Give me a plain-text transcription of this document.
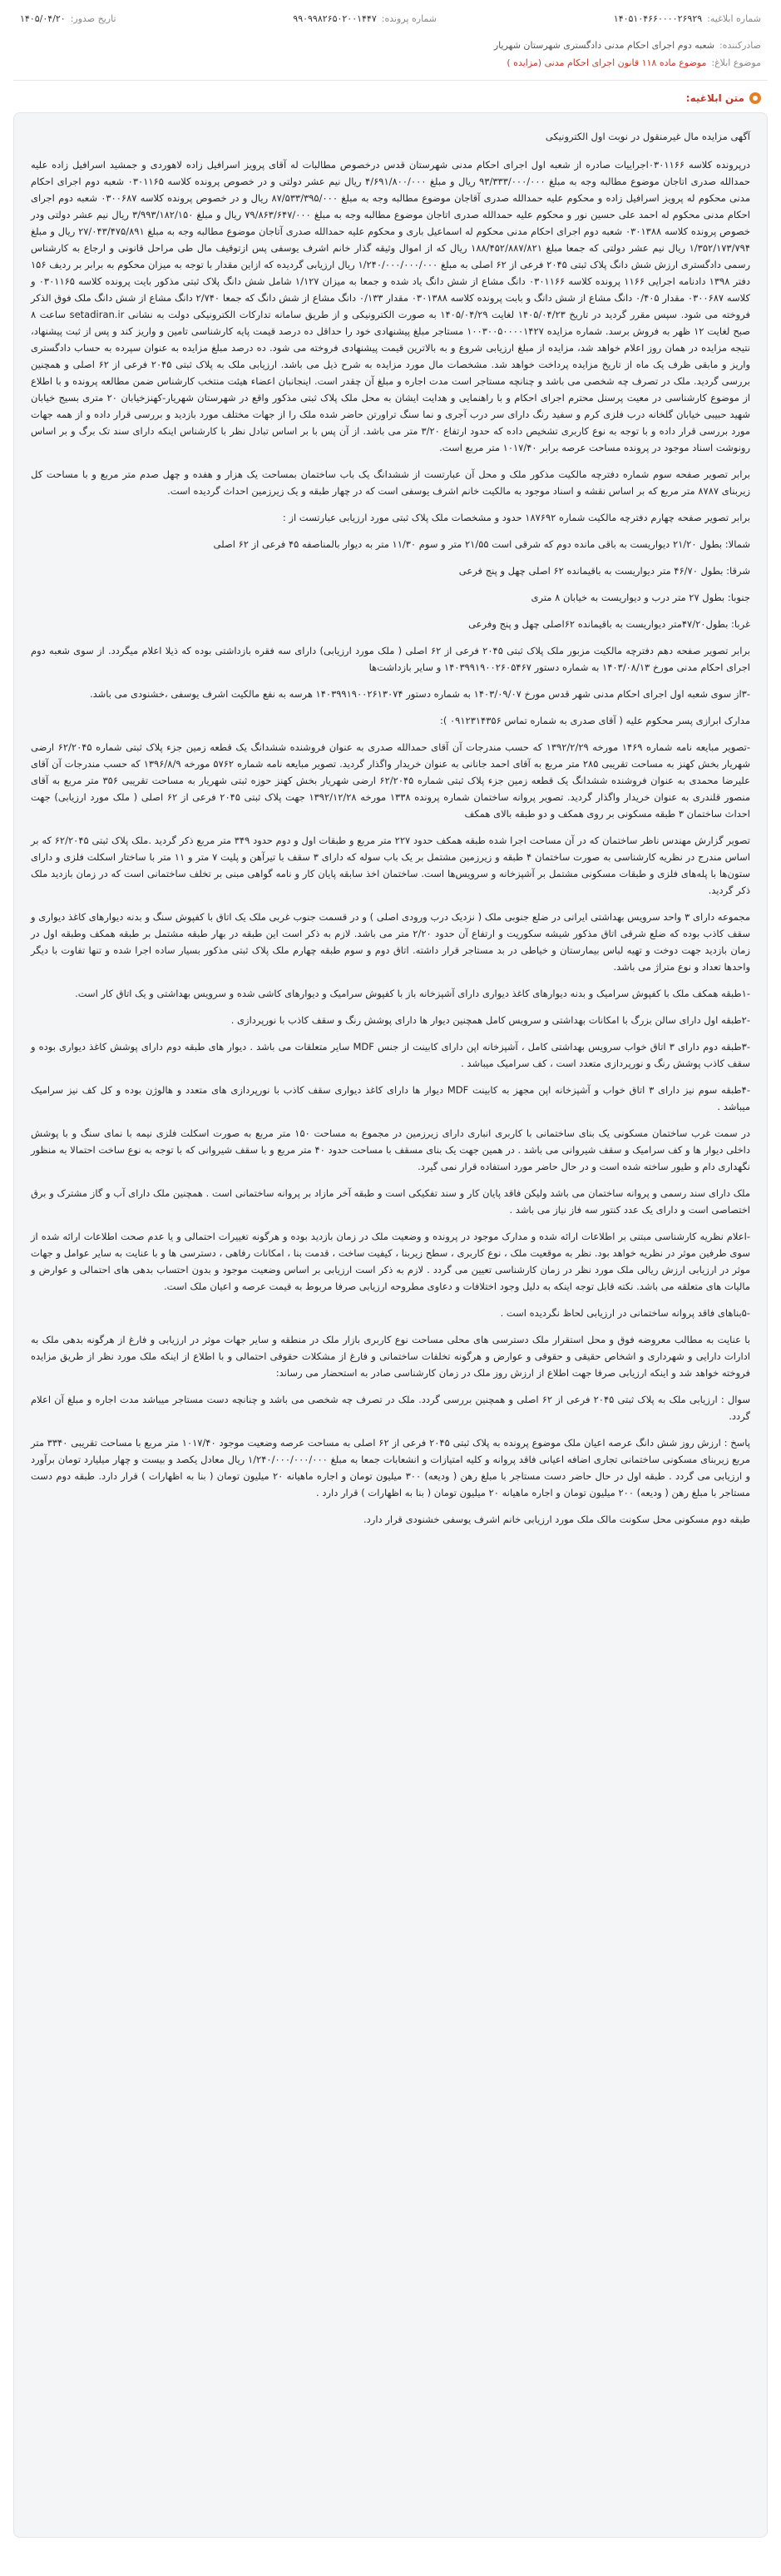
شماره ابلاغیه:
۱۴۰۵۱۰۴۶۶۰۰۰۰۲۶۹۲۹
شماره پرونده:
۹۹۰۹۹۸۲۶۵۰۲۰۰۱۴۴۷
تاریخ صدور:
۱۴۰۵/۰۴/۲۰
صادرکننده:
شعبه دوم اجرای احکام مدنی دادگستری شهرستان شهریار
موضوع ابلاغ:
موضوع ماده ۱۱۸ قانون اجرای احکام مدنی (مزایده )
متن ابلاغیه:

آگهی مزایده مال غیرمنقول در نوبت اول الکترونیکی

درپرونده کلاسه ۰۳۰۱۱۶۶اجراییات صادره از شعبه اول اجرای احکام مدنی شهرستان قدس درخصوص مطالبات له آقای پرویز اسرافیل زاده لاهوردی و جمشید اسرافیل زاده علیه حمدالله صدری اتاجان موضوع مطالبه وجه به مبلغ ۹۳/۳۳۳/۰۰۰/۰۰۰ ریال و مبلغ ۴/۶۹۱/۸۰۰/۰۰۰ ریال نیم عشر دولتی و در خصوص پرونده کلاسه ۰۳۰۱۱۶۵ شعبه دوم اجرای احکام مدنی محکوم له پرویز اسرافیل زاده و محکوم علیه حمدالله صدری آقاجان موضوع مطالبه وجه به مبلغ ۸۷/۵۳۳/۳۹۵/۰۰۰ ریال و در خصوص پرونده کلاسه ۰۳۰۰۶۸۷ شعبه دوم اجرای احکام مدنی محکوم له احمد علی حسین نور و محکوم علیه حمدالله صدری اتاجان موضوع مطالبه وجه به مبلغ ۷۹/۸۶۳/۶۴۷/۰۰۰ ریال و مبلغ ۳/۹۹۳/۱۸۲/۱۵۰ ریال نیم عشر دولتی ودر خصوص پرونده کلاسه ۰۳۰۱۳۸۸ شعبه دوم اجرای احکام مدنی محکوم له اسماعیل باری و محکوم علیه حمدالله صدری آتاجان موضوع مطالبه وجه به مبلغ ۲۷/۰۴۳/۴۷۵/۸۹۱ ریال و مبلغ ۱/۳۵۲/۱۷۳/۷۹۴ ریال نیم عشر دولتی که جمعا مبلغ ۱۸۸/۴۵۲/۸۸۷/۸۲۱ ریال که از اموال وثیقه گذار خانم اشرف یوسفی پس ازتوقیف مال طی مراحل قانونی و ارجاع به کارشناس رسمی دادگستری ارزش شش دانگ پلاک ثبتی ۲۰۴۵ فرعی از ۶۲ اصلی به مبلغ ۱/۲۴۰/۰۰۰/۰۰۰/۰۰۰ ریال ارزیابی گردیده که ازاین مقدار با توجه به میزان محکوم به برابر بر ردیف ۱۵۶ دفتر ۱۳۹۸ دادنامه اجرایی ۱۱۶۶ پرونده کلاسه ۰۳۰۱۱۶۶ دانگ مشاع از شش دانگ یاد شده و جمعا به میزان ۱/۱۲۷ شامل شش دانگ پلاک ثبتی مذکور بایت پرونده کلاسه ۰۳۰۱۱۶۵ و کلاسه ۰۳۰۰۶۸۷ مقدار ۰/۴۰۵ دانگ مشاع از شش دانگ و بابت پرونده کلاسه ۰۳۰۱۳۸۸ مقدار ۰/۱۳۳ دانگ مشاع از شش دانگ که جمعا ۲/۷۴۰ دانگ مشاع از شش دانگ ملک فوق الذکر فروخته می شود. سپس مقرر گردید در تاریخ ۱۴۰۵/۰۴/۲۳ لغایت ۱۴۰۵/۰۴/۲۹ به صورت الکترونیکی و از طریق سامانه تدارکات الکترونیکی دولت به نشانی setadiran.ir ساعت ۸ صبح لغایت ۱۲ ظهر به فروش برسد. شماره مزایده ۱۰۰۳۰۰۵۰۰۰۰۱۴۲۷ مستاجر مبلغ پیشنهادی خود را حداقل ده درصد قیمت پایه کارشناسی تامین و واریز کند و پس از ثبت پیشنهاد، نتیجه مزایده در همان روز اعلام خواهد شد، مزایده از مبلغ ارزیابی شروع و به بالاترین قیمت پیشنهادی فروخته می شود. ده درصد مبلغ مزایده به عنوان سپرده به حساب دادگستری واریز و مابقی ظرف یک ماه از تاریخ مزایده پرداخت خواهد شد. مشخصات مال مورد مزایده به شرح ذیل می باشد. ارزیابی ملک به پلاک ثبتی ۲۰۴۵ فرعی از ۶۲ اصلی و همچنین بررسی گردید. ملک در تصرف چه شخصی می باشد و چنانچه مستاجر است مدت اجاره و مبلغ آن چقدر است. اینجانبان اعضاء هیئت منتخب کارشناس ضمن مطالعه پرونده و با اطلاع از موضوع کارشناسی در معیت پرسنل محترم اجرای احکام و با راهنمایی و هدایت ایشان به محل ملک پلاک ثبتی مذکور واقع در شهرستان شهریار-کهنزخیابان ۲۰ متری بسیج خیابان شهید حبیبی خیابان گلخانه درب فلزی کرم و سفید رنگ دارای سر درب آجری و نما سنگ تراورتن حاضر شده ملک را از جهات مختلف مورد بازدید و بررسی قرار داده و از همه جهات مورد بررسی قرار داده و با توجه به نوع کاربری تشخیص داده که حدود ارتفاع ۳/۲۰ متر می باشد. از آن پس با بر اساس تبادل نظر با کارشناس اینکه دارای سند تک برگ و بر اساس رونوشت اسناد موجود در پرونده مساحت عرصه برابر ۱۰۱۷/۴۰ متر مربع است.

برابر تصویر صفحه سوم شماره دفترچه مالکیت مذکور ملک و محل آن عبارتست از ششدانگ یک باب ساختمان بمساحت یک هزار و هفده و چهل صدم متر مربع و با مساحت کل زیربنای ۸۷۸۷ متر مربع که بر اساس نقشه و اسناد موجود به مالکیت خانم اشرف یوسفی است که در چهار طبقه و یک زیرزمین احداث گردیده است.

برابر تصویر صفحه چهارم دفترچه مالکیت شماره ۱۸۷۶۹۲ حدود و مشخصات ملک پلاک ثبتی مورد ارزیابی عبارتست از :

شمالا: بطول ۲۱/۲۰ دیواریست به باقی مانده دوم که شرقی است ۲۱/۵۵ متر و سوم ۱۱/۳۰ متر به دیوار بالمناصفه ۴۵ فرعی از ۶۲ اصلی

شرقا: بطول ۴۶/۷۰ متر دیواریست به باقیمانده ۶۲ اصلی چهل و پنج فرعی

جنوبا: بطول ۲۷ متر درب و دیواریست به خیابان ۸ متری

غربا: بطول۴۷/۲۰متر دیواریست به باقیمانده ۶۲اصلی چهل و پنج وفرعی

برابر تصویر صفحه دهم دفترچه مالکیت مزبور ملک پلاک ثبتی ۲۰۴۵ فرعی از ۶۲ اصلی ( ملک مورد ارزیابی) دارای سه فقره بازداشتی بوده که ذیلا اعلام میگردد. از سوی شعبه دوم اجرای احکام مدنی مورخ ۱۴۰۳/۰۸/۱۳ به شماره دستور ۱۴۰۳۹۹۱۹۰۰۲۶۰۵۴۶۷ و سایر بازداشت‌ها

-۳از سوی شعبه اول اجرای احکام مدنی شهر قدس مورخ ۱۴۰۳/۰۹/۰۷ به شماره دستور ۱۴۰۳۹۹۱۹۰۰۲۶۱۳۰۷۴ هرسه به نفع مالکیت اشرف یوسفی ،خشنودی می باشد.

مدارک ابرازی پسر محکوم علیه ( آقای صدری به شماره تماس ۰۹۱۲۳۱۴۳۵۶ ):

-تصویر مبایعه نامه شماره ۱۴۶۹ مورخه ۱۳۹۲/۲/۲۹ که حسب مندرجات آن آقای حمدالله صدری به عنوان فروشنده ششدانگ یک قطعه زمین جزء پلاک ثبتی شماره ۶۲/۲۰۴۵ ارضی شهریار بخش کهنز به مساحت تقریبی ۲۸۵ متر مربع به آقای احمد جانانی به عنوان خریدار واگذار گردید. تصویر مبایعه نامه شماره ۵۷۶۲ مورخه ۱۳۹۶/۸/۹ که حسب مندرجات آن آقای علیرضا محمدی به عنوان فروشنده ششدانگ یک قطعه زمین جزء پلاک ثبتی شماره ۶۲/۲۰۴۵ ارضی شهریار بخش کهنز حوزه ثبتی شهریار به مساحت تقریبی ۳۵۶ متر مربع به آقای منصور قلندری به عنوان خریدار واگذار گردید. تصویر پروانه ساختمان شماره پرونده ۱۳۳۸ مورخه ۱۳۹۲/۱۲/۲۸ جهت پلاک ثبتی ۲۰۴۵ فرعی از ۶۲ اصلی ( ملک مورد ارزیابی) جهت احداث ساختمان ۳ طبقه مسکونی بر روی همکف و دو طبقه بالای همکف

تصویر گزارش مهندس ناظر ساختمان که در آن مساحت اجرا شده طبقه همکف حدود ۲۲۷ متر مربع و طبقات اول و دوم حدود ۳۴۹ متر مربع ذکر گردید .ملک پلاک ثبتی ۶۲/۲۰۴۵ که بر اساس مندرج در نظریه کارشناسی به صورت ساختمان ۴ طبقه و زیرزمین مشتمل بر یک باب سوله که دارای ۳ سقف با تیرآهن و پلیت ۷ متر و ۱۱ متر با ساختار اسکلت فلزی و دارای ستون‌ها با پله‌های فلزی و طبقات مسکونی مشتمل بر آشپزخانه و سرویس‌ها است. ساختمان اخذ سابقه پایان کار و نامه گواهی مبنی بر تخلف ساختمانی است که در زمان بازدید ملک ذکر گردید.

مجموعه دارای ۳ واحد سرویس بهداشتی ایرانی در ضلع جنوبی ملک ( نزدیک درب ورودی اصلی ) و در قسمت جنوب غربی ملک یک اتاق با کفپوش سنگ و بدنه دیوارهای کاغذ دیواری و سقف کاذب بوده که ضلع شرقی اتاق مذکور شیشه سکوریت و ارتفاع آن حدود ۲/۲۰ متر می باشد. لازم به ذکر است این طبقه در بهار طبقه مشتمل بر طبقه همکف وطبقه اول در زمان بازدید جهت دوخت و تهیه لباس بیمارستان و خیاطی در بد مستاجر قرار داشته. اتاق دوم و سوم طبقه چهارم ملک پلاک ثبتی مذکور بسیار ساده اجرا شده و تنها تفاوت با دیگر واحدها تعداد و نوع متراژ می باشد.

-۱طبقه همکف ملک با کفپوش سرامیک و بدنه دیوارهای کاغذ دیواری دارای آشپزخانه باز با کفپوش سرامیک و دیوارهای کاشی شده و سرویس بهداشتی و یک اتاق کار است.

-۲طبقه اول دارای سالن بزرگ با امکانات بهداشتی و سرویس کامل همچنین دیوار ها دارای پوشش رنگ و سقف کاذب با نورپردازی .

-۳طبقه دوم دارای ۳ اتاق خواب سرویس بهداشتی کامل ، آشپزخانه اپن دارای کابینت از جنس MDF سایر متعلقات می باشد . دیوار های طبقه دوم دارای پوشش کاغذ دیواری بوده و سقف کاذب پوشش رنگ و نورپردازی متعدد است ، کف سرامیک میباشد .

-۴طبقه سوم نیز دارای ۳ اتاق خواب و آشپزخانه اپن مجهز به کابینت MDF دیوار ها دارای کاغذ دیواری سقف کاذب با نورپردازی های متعدد و هالوژن بوده و کل کف نیز سرامیک میباشد .

در سمت غرب ساختمان مسکونی یک بنای ساختمانی با کاربری انباری دارای زیرزمین در مجموع به مساحت ۱۵۰ متر مربع به صورت اسکلت فلزی نیمه با نمای سنگ و با پوشش داخلی دیوار ها و کف سرامیک و سقف شیروانی می باشد . در همین جهت یک بنای مسقف با مساحت حدود ۴۰ متر مربع و با سقف شیروانی که با توجه به نوع ساخت احتمالا به منظور نگهداری دام و طیور ساخته شده است و در حال حاضر مورد استفاده قرار نمی گیرد.

ملک دارای سند رسمی و پروانه ساختمان می باشد ولیکن فاقد پایان کار و سند تفکیکی است و طبقه آخر مازاد بر پروانه ساختمانی است . همچنین ملک دارای آب و گاز مشترک و برق اختصاصی است و دارای یک عدد کنتور سه فاز نیاز می باشد .

-اعلام نظریه کارشناسی مبتنی بر اطلاعات ارائه شده و مدارک موجود در پرونده و وضعیت ملک در زمان بازدید بوده و هرگونه تغییرات احتمالی و یا عدم صحت اطلاعات ارائه شده از سوی طرفین موثر در نظریه خواهد بود. نظر به موقعیت ملک ، نوع کاربری ، سطح زیربنا ، کیفیت ساخت ، قدمت بنا ، امکانات رفاهی ، دسترسی ها و با عنایت به سایر عوامل و جهات موثر در ارزیابی ارزش ریالی ملک مورد نظر در زمان کارشناسی تعیین می گردد . لازم به ذکر است ارزیابی بر اساس وضعیت موجود و بدون احتساب بدهی های احتمالی و عوارض و مالیات های متعلقه می باشد. نکته قابل توجه اینکه به دلیل وجود اختلافات و دعاوی مطروحه ارزیابی صرفا مربوط به قیمت عرصه و اعیان ملک است.

-۵بناهای فاقد پروانه ساختمانی در ارزیابی لحاظ نگردیده است .

با عنایت به مطالب معروضه فوق و محل استقرار ملک دسترسی های محلی مساحت نوع کاربری بازار ملک در منطقه و سایر جهات موثر در ارزیابی و فارغ از هرگونه بدهی ملک به ادارات دارایی و شهرداری و اشخاص حقیقی و حقوقی و عوارض و هرگونه تخلفات ساختمانی و فارغ از مشکلات حقوقی احتمالی و با اطلاع از اینکه ملک مورد نظر از طریق مزایده فروخته خواهد شد و اینکه ارزیابی صرفا جهت اطلاع از ارزش روز ملک در زمان کارشناسی صادر به استحضار می رساند:

سوال : ارزیابی ملک به پلاک ثبتی ۲۰۴۵ فرعی از ۶۲ اصلی و همچنین بررسی گردد. ملک در تصرف چه شخصی می باشد و چنانچه دست مستاجر میباشد مدت اجاره و مبلغ آن اعلام گردد.

پاسخ : ارزش روز شش دانگ عرصه اعیان ملک موضوع پرونده به پلاک ثبتی ۲۰۴۵ فرعی از ۶۲ اصلی به مساحت عرصه وضعیت موجود ۱۰۱۷/۴۰ متر مربع با مساحت تقریبی ۳۳۴۰ متر مربع زیربنای مسکونی ساختمانی تجاری اضافه اعیانی فاقد پروانه و کلیه امتیازات و انشعابات جمعا به مبلغ ۱/۲۴۰/۰۰۰/۰۰۰/۰۰۰ ریال معادل یکصد و بیست و چهار میلیارد تومان برآورد و ارزیابی می گردد . طبقه اول در حال حاضر دست مستاجر با مبلغ رهن ( ودیعه) ۳۰۰ میلیون تومان و اجاره ماهیانه ۲۰ میلیون تومان ( بنا به اظهارات ) قرار دارد. طبقه دوم دست مستاجر با مبلغ رهن ( ودیعه) ۲۰۰ میلیون تومان و اجاره ماهیانه ۲۰ میلیون تومان ( بنا به اظهارات ) قرار دارد .

طبقه دوم مسکونی محل سکونت مالک ملک مورد ارزیابی خانم اشرف یوسفی خشنودی قرار دارد.
